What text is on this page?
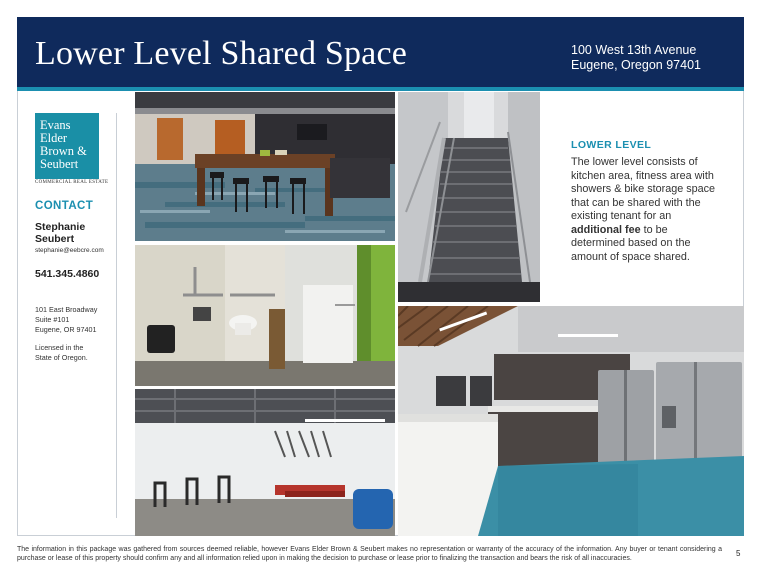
Lower Level Shared Space	100 West 13th Avenue
Eugene, Oregon 97401
Evans
Elder
Brown &
Seubert
COMMERCIAL REAL ESTATE
CONTACT
Stephanie Seubert
stephanie@eebcre.com
541.345.4860
101 East Broadway
Suite #101
Eugene, OR 97401
Licensed in the
State of Oregon.
LOWER LEVEL
The lower level consists of kitchen area, fitness area with showers & bike storage space that can be shared with the existing tenant for an additional fee to be determined based on the amount of space shared.
The information in this package was gathered from sources deemed reliable, however Evans Elder Brown & Seubert makes no representation or warranty of the accuracy of the information. Any buyer or tenant considering a purchase or lease of this property should confirm any and all information relied upon in making the decision to purchase or lease prior to finalizing the transaction and bears the risk of all inaccuracies.
5
